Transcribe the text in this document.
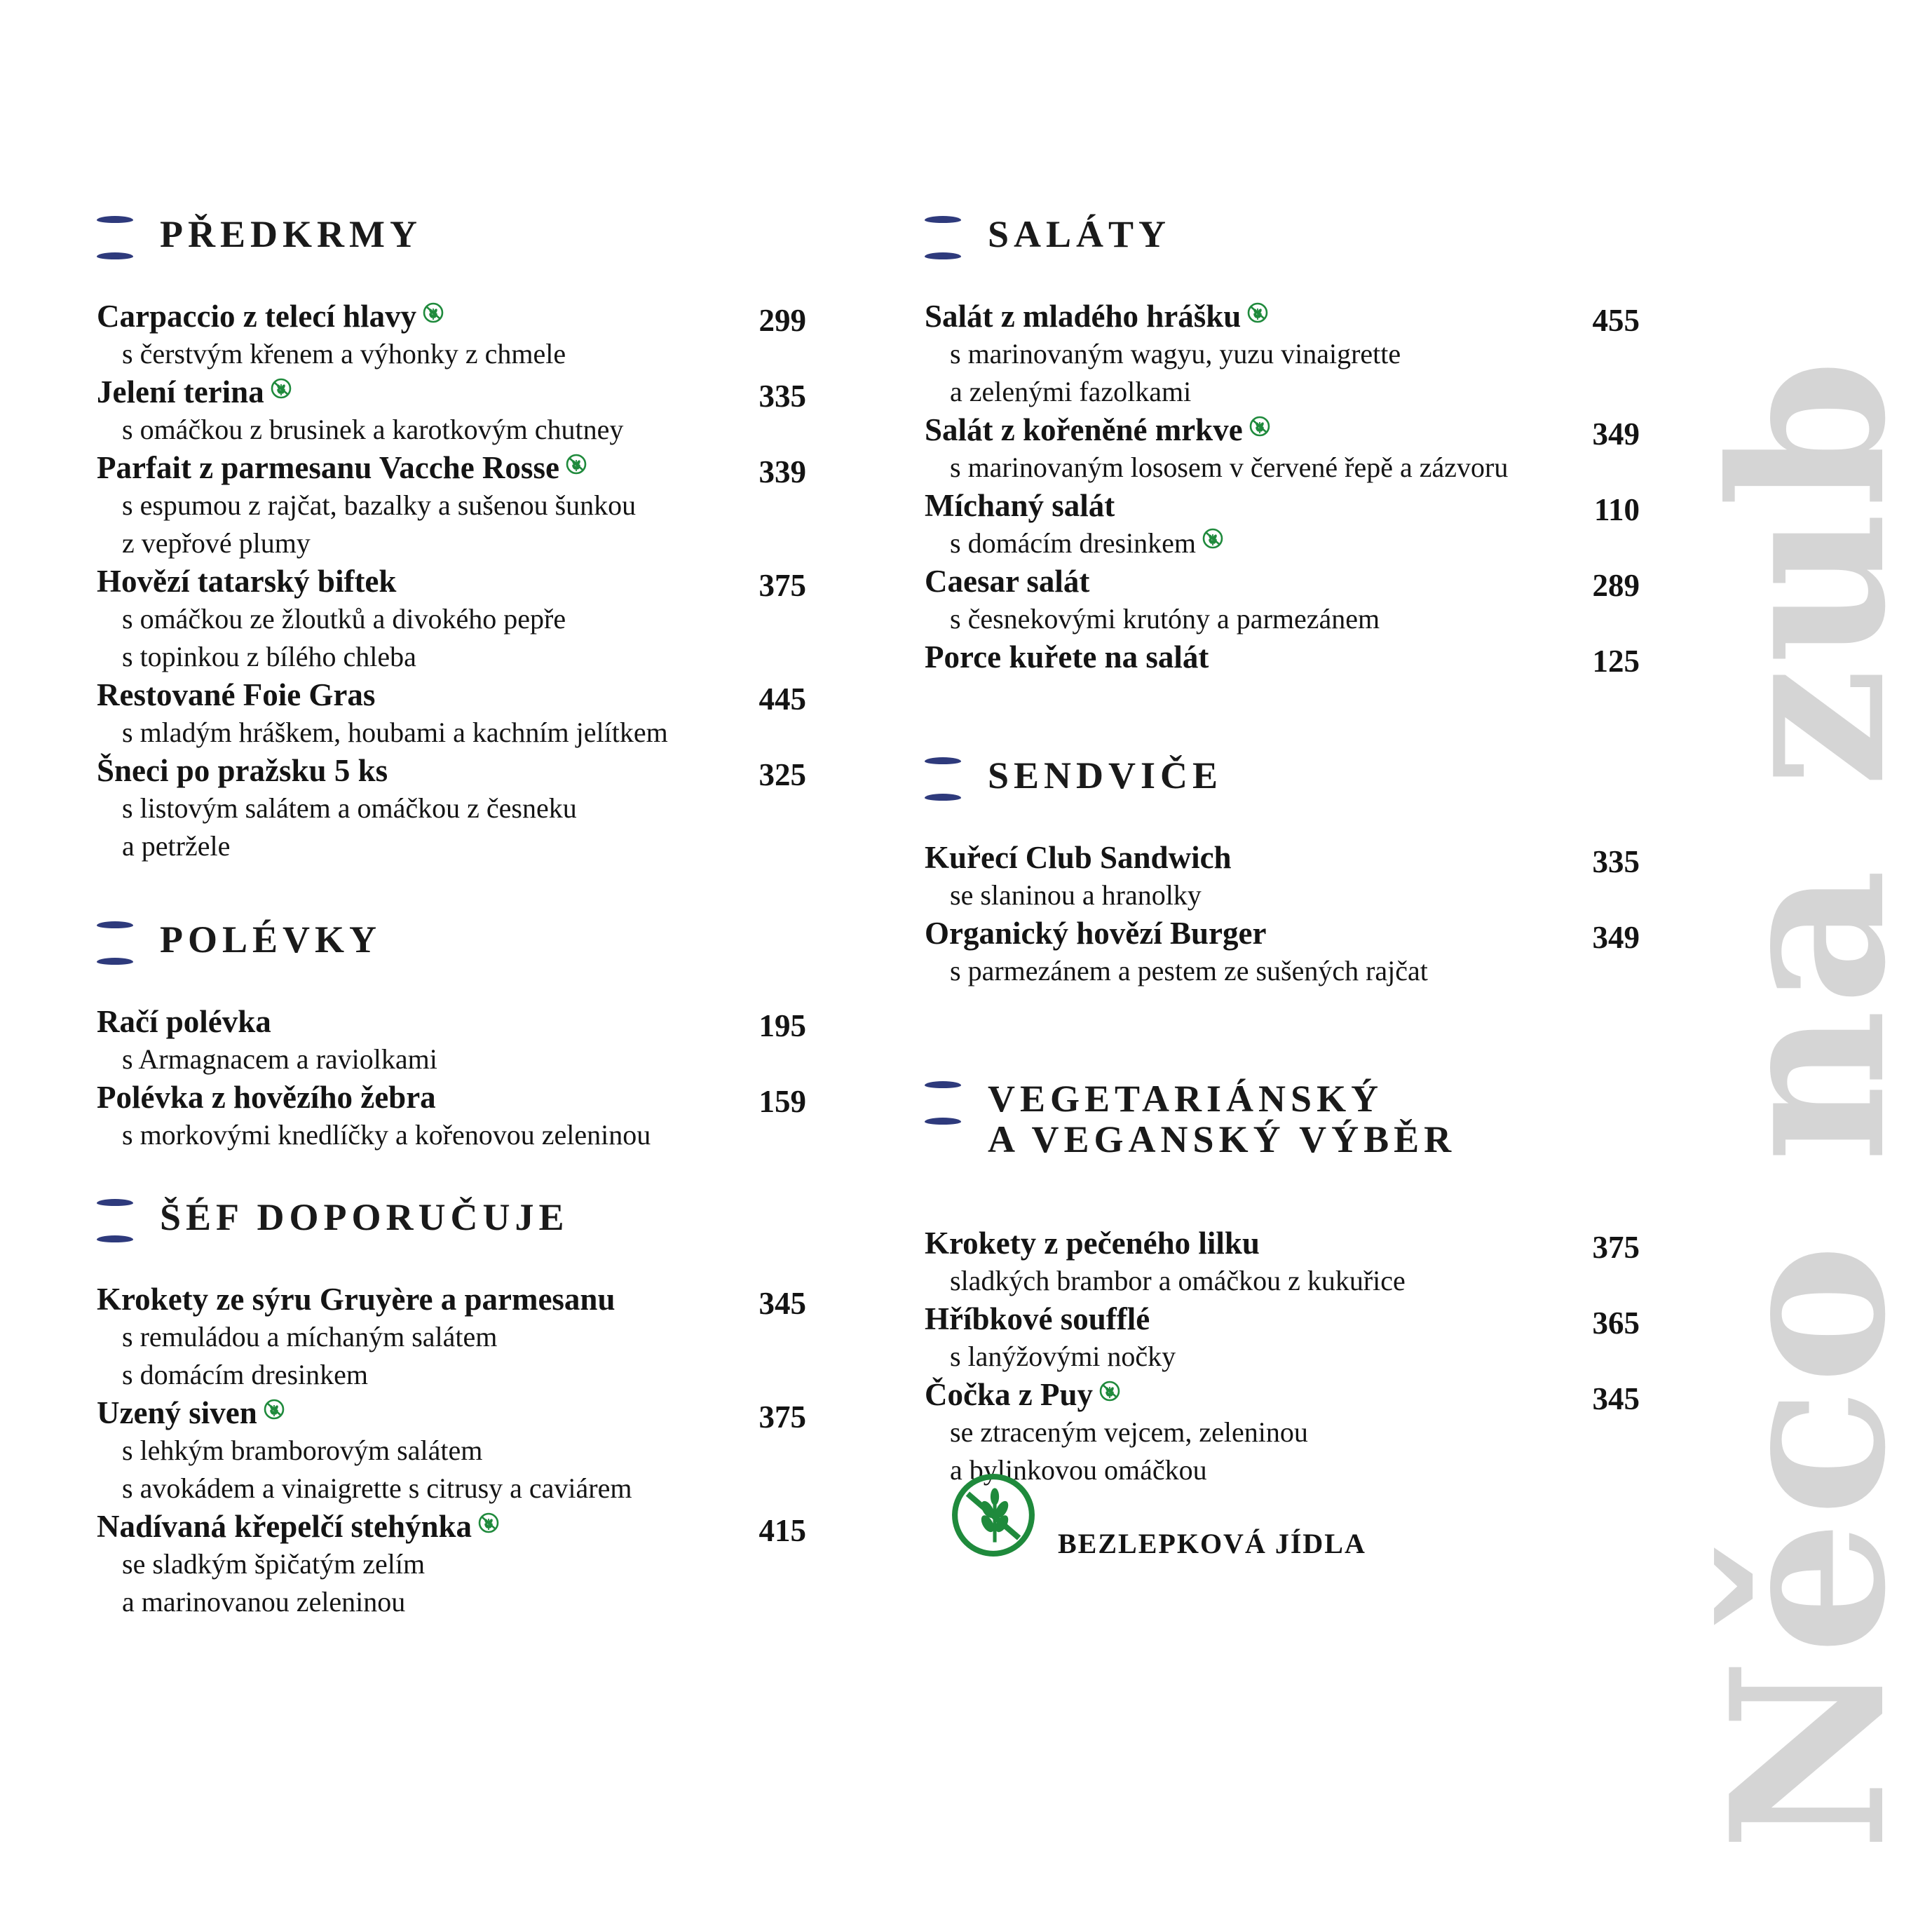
PŘEDKRMY
Carpaccio z telecí hlavy	299
s čerstvým křenem a výhonky z chmele
Jelení terina	335
s omáčkou z brusinek a karotkovým chutney
Parfait z parmesanu Vacche Rosse	339
s espumou z rajčat, bazalky a sušenou šunkou
z vepřové plumy
Hovězí tatarský biftek	375
s omáčkou ze žloutků a divokého pepře
s topinkou z bílého chleba
Restované Foie Gras	445
s mladým hráškem, houbami a kachním jelítkem
Šneci po pražsku 5 ks	325
s listovým salátem a omáčkou z česneku
a petržele
POLÉVKY
Račí polévka	195
s Armagnacem a raviolkami
Polévka z hovězího žebra	159
s morkovými knedlíčky a kořenovou zeleninou
ŠÉF DOPORUČUJE
Krokety ze sýru Gruyère a parmesanu	345
s remuládou a míchaným salátem
s domácím dresinkem
Uzený siven	375
s lehkým bramborovým salátem
s avokádem a vinaigrette s citrusy a caviárem
Nadívaná křepelčí stehýnka	415
se sladkým špičatým zelím
a marinovanou zeleninou
SALÁTY
Salát z mladého hrášku	455
s marinovaným wagyu, yuzu vinaigrette
a zelenými fazolkami
Salát z kořeněné mrkve	349
s marinovaným lososem v červené řepě a zázvoru
Míchaný salát	110
s domácím dresinkem
Caesar salát	289
s česnekovými krutóny a parmezánem
Porce kuřete na salát	125
SENDVIČE
Kuřecí Club Sandwich	335
se slaninou a hranolky
Organický hovězí Burger	349
s parmezánem a pestem ze sušených rajčat
VEGETARIÁNSKÝ
A VEGANSKÝ VÝBĚR
Krokety z pečeného lilku	375
sladkých brambor a omáčkou z kukuřice
Hříbkové soufflé	365
s lanýžovými nočky
Čočka z Puy	345
se ztraceným vejcem, zeleninou
a bylinkovou omáčkou	Něco na zub
BEZLEPKOVÁ JÍDLA
